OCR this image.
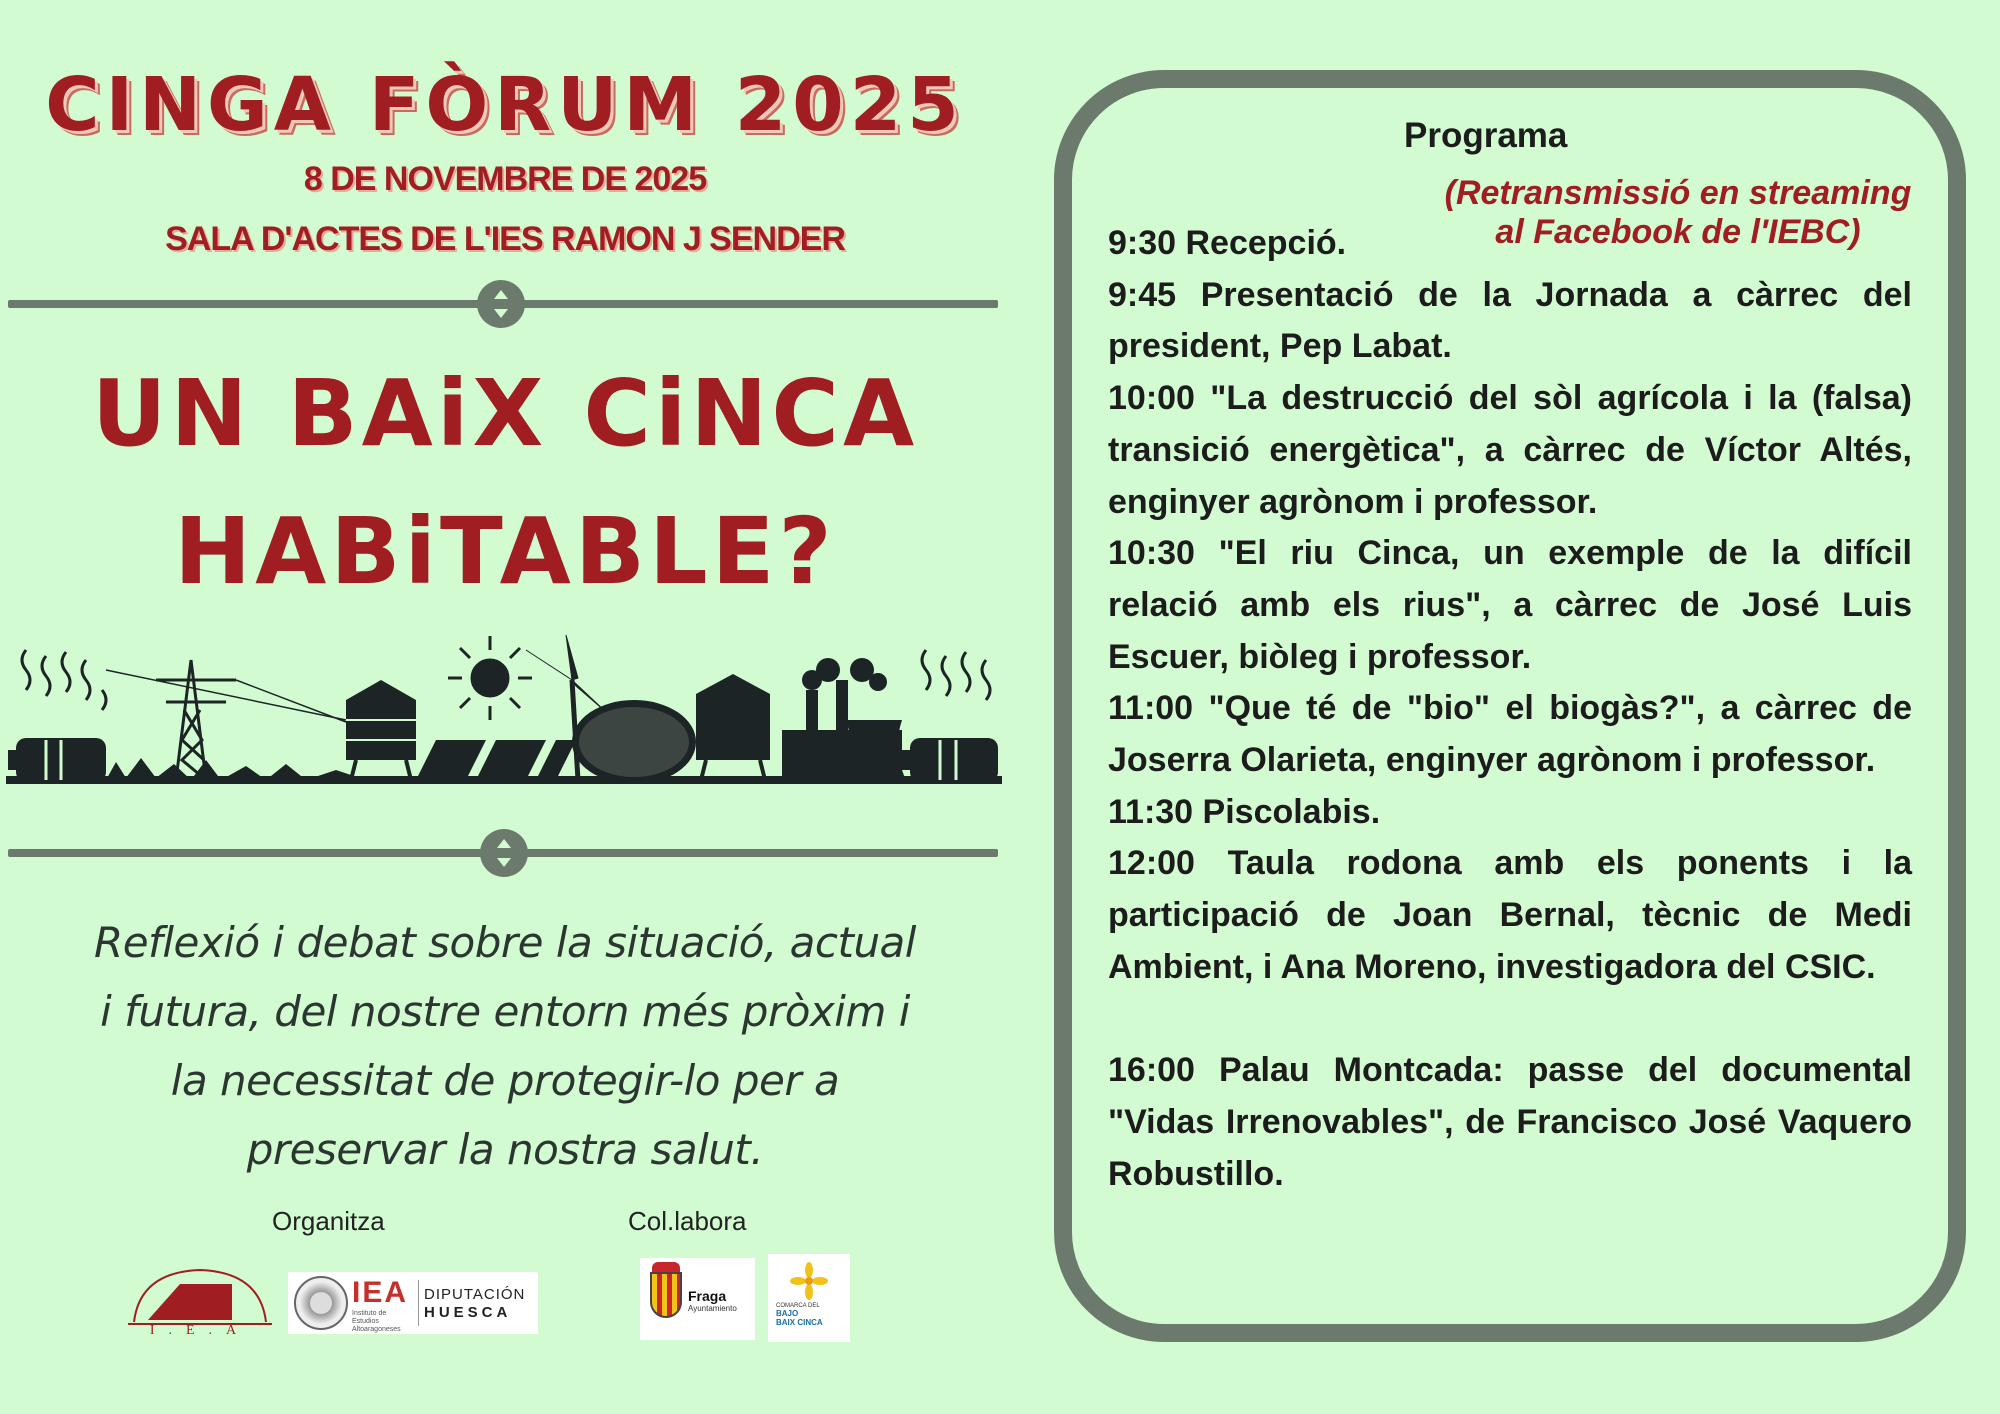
CINGA FÒRUM 2025
8 DE NOVEMBRE DE 2025
SALA D'ACTES DE L'IES RAMON J SENDER
UN BAiX CiNCA
HABiTABLE?
Reflexió i debat sobre la situació, actual i futura, del nostre entorn més pròxim i la necessitat de protegir-lo per a preservar la nostra salut.
Organitza	Col.labora
I.E.A
IEA
Instituto de Estudios Altoaragoneses
DIPUTACIÓN
HUESCA
Fraga
Ayuntamiento	COMARCA DEL
BAJO
BAIX CINCA
Programa
(Retransmissió en streaming
al Facebook de l'IEBC)

9:30 Recepció.

9:45 Presentació de la Jornada a càrrec del president, Pep Labat.

10:00 "La destrucció del sòl agrícola i la (falsa) transició energètica", a càrrec de Víctor Altés, enginyer agrònom i professor.

10:30 "El riu Cinca, un exemple de la difícil relació amb els rius", a càrrec de José Luis Escuer, biòleg i professor.

11:00 "Que té de "bio" el biogàs?", a càrrec de Joserra Olarieta, enginyer agrònom i professor.

11:30 Piscolabis.

12:00 Taula rodona amb els ponents i la participació de Joan Bernal, tècnic de Medi Ambient, i Ana Moreno, investigadora del CSIC.

16:00 Palau Montcada: passe del documental "Vidas Irrenovables", de Francisco José Vaquero Robustillo.
